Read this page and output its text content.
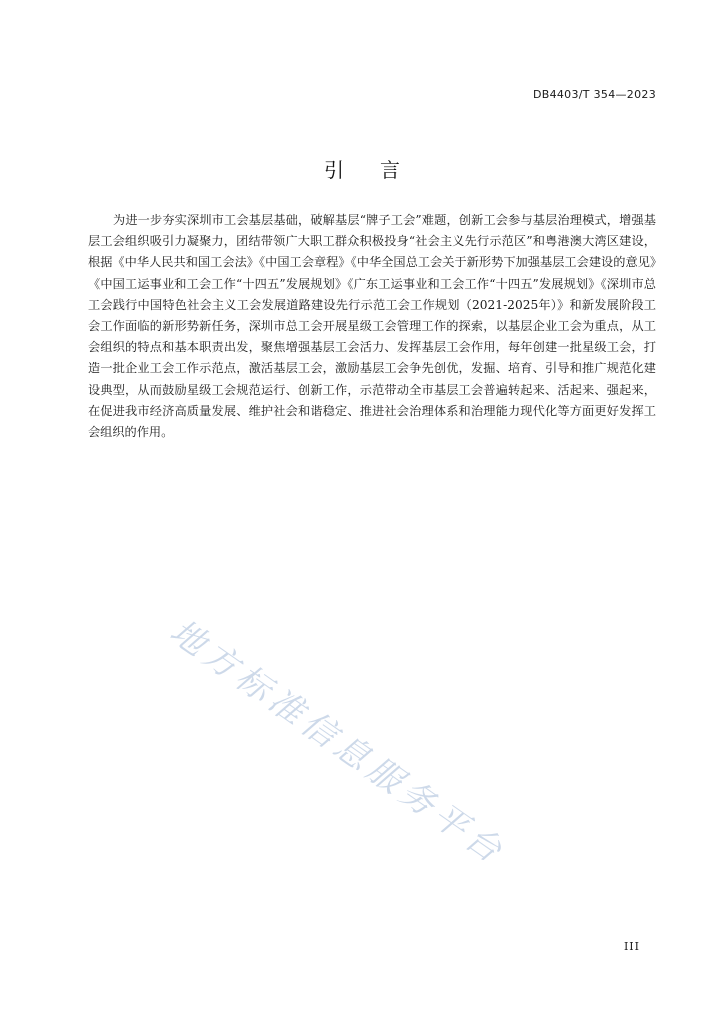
DB4403/T 354—2023
引言

为进一步夯实深圳市工会基层基础，破解基层“牌子工会”难题，创新工会参与基层治理模式，增强基层工会组织吸引力凝聚力，团结带领广大职工群众积极投身“社会主义先行示范区”和粤港澳大湾区建设，根据《中华人民共和国工会法》《中国工会章程》《中华全国总工会关于新形势下加强基层工会建设的意见》《中国工运事业和工会工作“十四五”发展规划》《广东工运事业和工会工作“十四五”发展规划》《深圳市总工会践行中国特色社会主义工会发展道路建设先行示范工会工作规划（2021-2025年）》和新发展阶段工会工作面临的新形势新任务，深圳市总工会开展星级工会管理工作的探索，以基层企业工会为重点，从工会组织的特点和基本职责出发，聚焦增强基层工会活力、发挥基层工会作用，每年创建一批星级工会，打造一批企业工会工作示范点，激活基层工会，激励基层工会争先创优，发掘、培育、引导和推广规范化建设典型，从而鼓励星级工会规范运行、创新工作，示范带动全市基层工会普遍转起来、活起来、强起来，在促进我市经济高质量发展、维护社会和谐稳定、推进社会治理体系和治理能力现代化等方面更好发挥工会组织的作用。

地方标准信息服务平台
III
